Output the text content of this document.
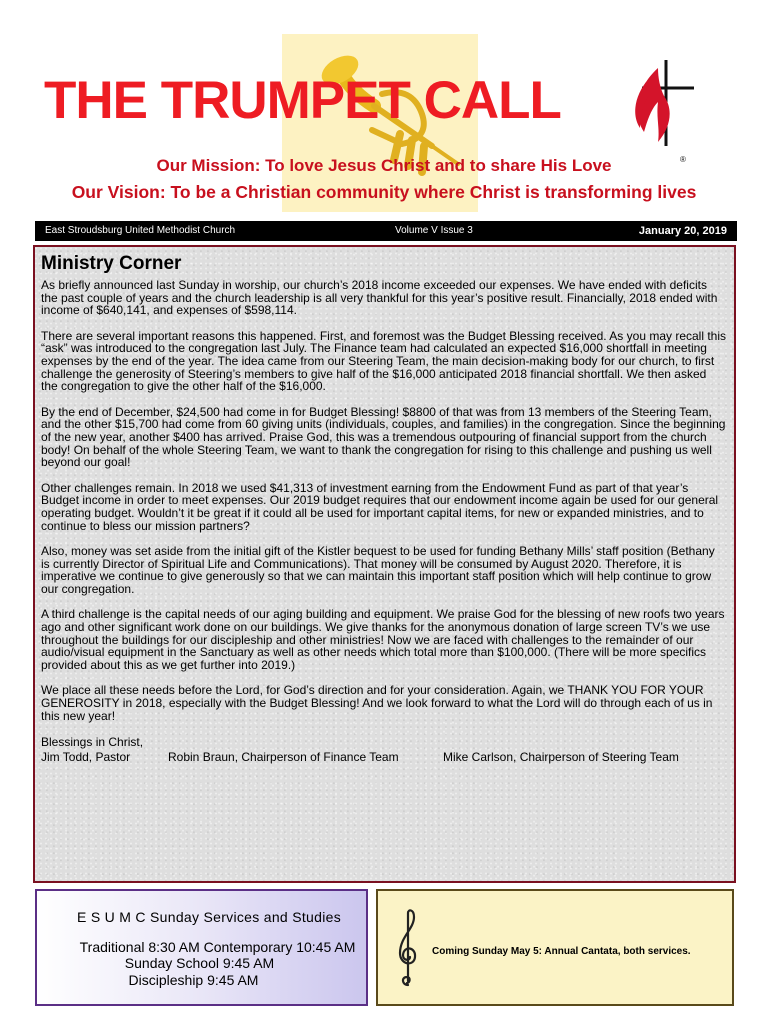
THE TRUMPET CALL
®
Our Mission: To love Jesus Christ and to share His Love
Our Vision: To be a Christian community where Christ is transforming lives
East Stroudsburg United Methodist Church	Volume V Issue 3	January 20, 2019
Ministry Corner

As briefly announced last Sunday in worship, our church’s 2018 income exceeded our expenses. We have ended with deficits the past couple of years and the church leadership is all very thankful for this year’s positive result. Financially, 2018 ended with income of $640,141, and expenses of $598,114.

There are several important reasons this happened. First, and foremost was the Budget Blessing received. As you may recall this “ask” was introduced to the congregation last July. The Finance team had calculated an expected $16,000 shortfall in meeting expenses by the end of the year. The idea came from our Steering Team, the main decision-making body for our church, to first challenge the generosity of Steering’s members to give half of the $16,000 anticipated 2018 financial shortfall. We then asked the congregation to give the other half of the $16,000.

By the end of December, $24,500 had come in for Budget Blessing! $8800 of that was from 13 members of the Steering Team, and the other $15,700 had come from 60 giving units (individuals, couples, and families) in the congregation. Since the beginning of the new year, another $400 has arrived. Praise God, this was a tremendous outpouring of financial support from the church body! On behalf of the whole Steering Team, we want to thank the congregation for rising to this challenge and pushing us well beyond our goal!

Other challenges remain. In 2018 we used $41,313 of investment earning from the Endowment Fund as part of that year’s Budget income in order to meet expenses. Our 2019 budget requires that our endowment income again be used for our general operating budget. Wouldn’t it be great if it could all be used for important capital items, for new or expanded ministries, and to continue to bless our mission partners?

Also, money was set aside from the initial gift of the Kistler bequest to be used for funding Bethany Mills’ staff position (Bethany is currently Director of Spiritual Life and Communications). That money will be consumed by August 2020. Therefore, it is imperative we continue to give generously so that we can maintain this important staff position which will help continue to grow our congregation.

A third challenge is the capital needs of our aging building and equipment. We praise God for the blessing of new roofs two years ago and other significant work done on our buildings. We give thanks for the anonymous donation of large screen TV’s we use throughout the buildings for our discipleship and other ministries! Now we are faced with challenges to the remainder of our audio/visual equipment in the Sanctuary as well as other needs which total more than $100,000. (There will be more specifics provided about this as we get further into 2019.)

We place all these needs before the Lord, for God’s direction and for your consideration. Again, we THANK YOU FOR YOUR GENEROSITY in 2018, especially with the Budget Blessing! And we look forward to what the Lord will do through each of us in this new year!

Blessings in Christ,
Jim Todd, Pastor	Robin Braun, Chairperson of Finance Team	Mike Carlson, Chairperson of Steering Team
E S U M C Sunday Services and Studies
Traditional 8:30 AM Contemporary 10:45 AM
Sunday School 9:45 AM
Discipleship 9:45 AM
Coming Sunday May 5: Annual Cantata, both services.
